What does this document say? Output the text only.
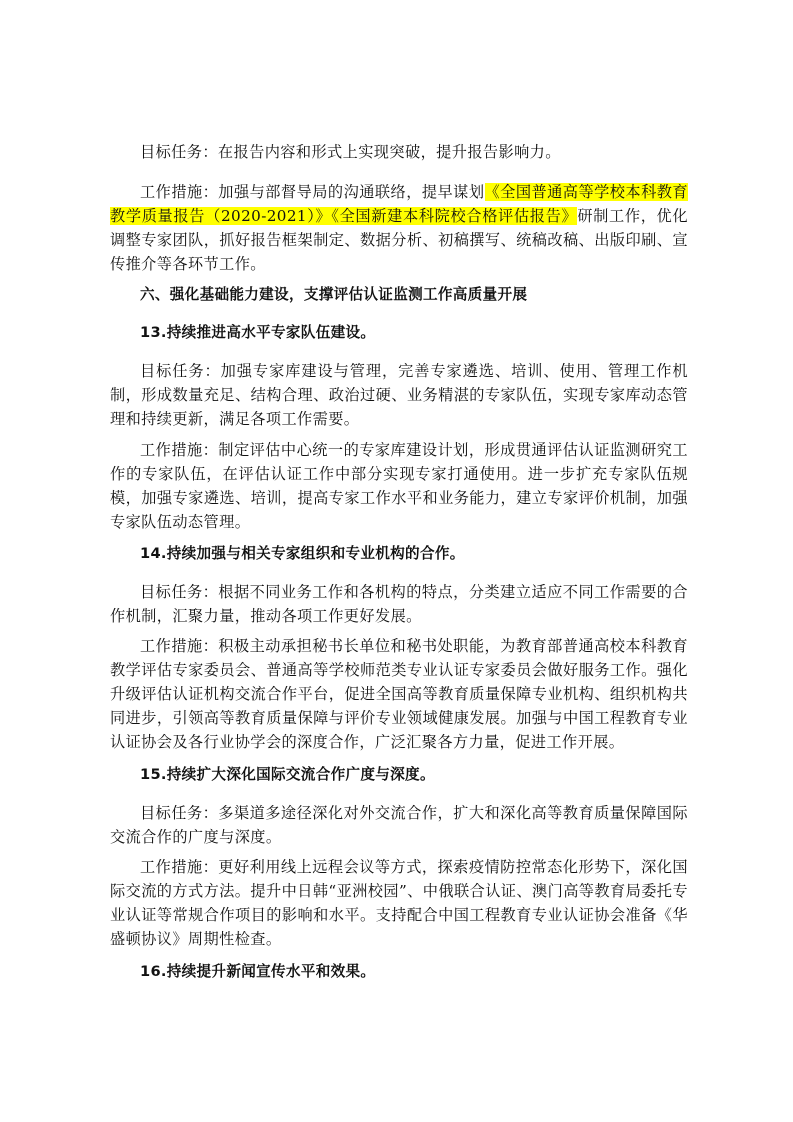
目标任务：在报告内容和形式上实现突破，提升报告影响力。

工作措施：加强与部督导局的沟通联络，提早谋划《全国普通高等学校本科教育教学质量报告（2020-2021）》《全国新建本科院校合格评估报告》研制工作，优化调整专家团队，抓好报告框架制定、数据分析、初稿撰写、统稿改稿、出版印刷、宣传推介等各环节工作。

六、强化基础能力建设，支撑评估认证监测工作高质量开展

13.持续推进高水平专家队伍建设。

目标任务：加强专家库建设与管理，完善专家遴选、培训、使用、管理工作机制，形成数量充足、结构合理、政治过硬、业务精湛的专家队伍，实现专家库动态管理和持续更新，满足各项工作需要。

工作措施：制定评估中心统一的专家库建设计划，形成贯通评估认证监测研究工作的专家队伍，在评估认证工作中部分实现专家打通使用。进一步扩充专家队伍规模，加强专家遴选、培训，提高专家工作水平和业务能力，建立专家评价机制，加强专家队伍动态管理。

14.持续加强与相关专家组织和专业机构的合作。

目标任务：根据不同业务工作和各机构的特点，分类建立适应不同工作需要的合作机制，汇聚力量，推动各项工作更好发展。

工作措施：积极主动承担秘书长单位和秘书处职能，为教育部普通高校本科教育教学评估专家委员会、普通高等学校师范类专业认证专家委员会做好服务工作。强化升级评估认证机构交流合作平台，促进全国高等教育质量保障专业机构、组织机构共同进步，引领高等教育质量保障与评价专业领域健康发展。加强与中国工程教育专业认证协会及各行业协学会的深度合作，广泛汇聚各方力量，促进工作开展。

15.持续扩大深化国际交流合作广度与深度。

目标任务：多渠道多途径深化对外交流合作，扩大和深化高等教育质量保障国际交流合作的广度与深度。

工作措施：更好利用线上远程会议等方式，探索疫情防控常态化形势下，深化国际交流的方式方法。提升中日韩“亚洲校园”、中俄联合认证、澳门高等教育局委托专业认证等常规合作项目的影响和水平。支持配合中国工程教育专业认证协会准备《华盛顿协议》周期性检查。

16.持续提升新闻宣传水平和效果。
